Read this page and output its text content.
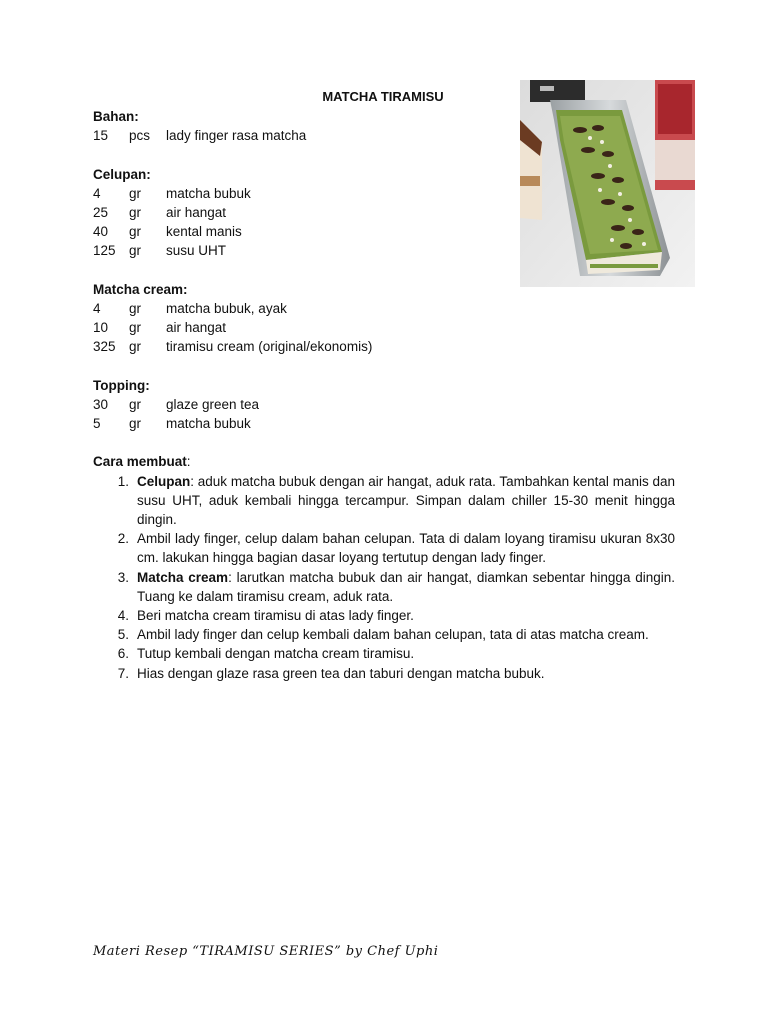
MATCHA TIRAMISU
Bahan:
15	pcs	lady finger rasa matcha
Celupan:
4	gr	matcha bubuk
25	gr	air hangat
40	gr	kental manis
125 gr	susu UHT
Matcha cream:
4	gr	matcha bubuk, ayak
10	gr	air hangat
325 gr	tiramisu cream (original/ekonomis)
Topping:
30	gr	glaze green tea
5	gr	matcha bubuk
Cara membuat:
1. Celupan: aduk matcha bubuk dengan air hangat, aduk rata. Tambahkan kental manis dan susu UHT, aduk kembali hingga tercampur. Simpan dalam chiller 15-30 menit hingga dingin.
2. Ambil lady finger, celup dalam bahan celupan. Tata di dalam loyang tiramisu ukuran 8x30 cm. lakukan hingga bagian dasar loyang tertutup dengan lady finger.
3. Matcha cream: larutkan matcha bubuk dan air hangat, diamkan sebentar hingga dingin. Tuang ke dalam tiramisu cream, aduk rata.
4. Beri matcha cream tiramisu di atas lady finger.
5. Ambil lady finger dan celup kembali dalam bahan celupan, tata di atas matcha cream.
6. Tutup kembali dengan matcha cream tiramisu.
7. Hias dengan glaze rasa green tea dan taburi dengan matcha bubuk.
Materi Resep “TIRAMISU SERIES” by Chef Uphi
